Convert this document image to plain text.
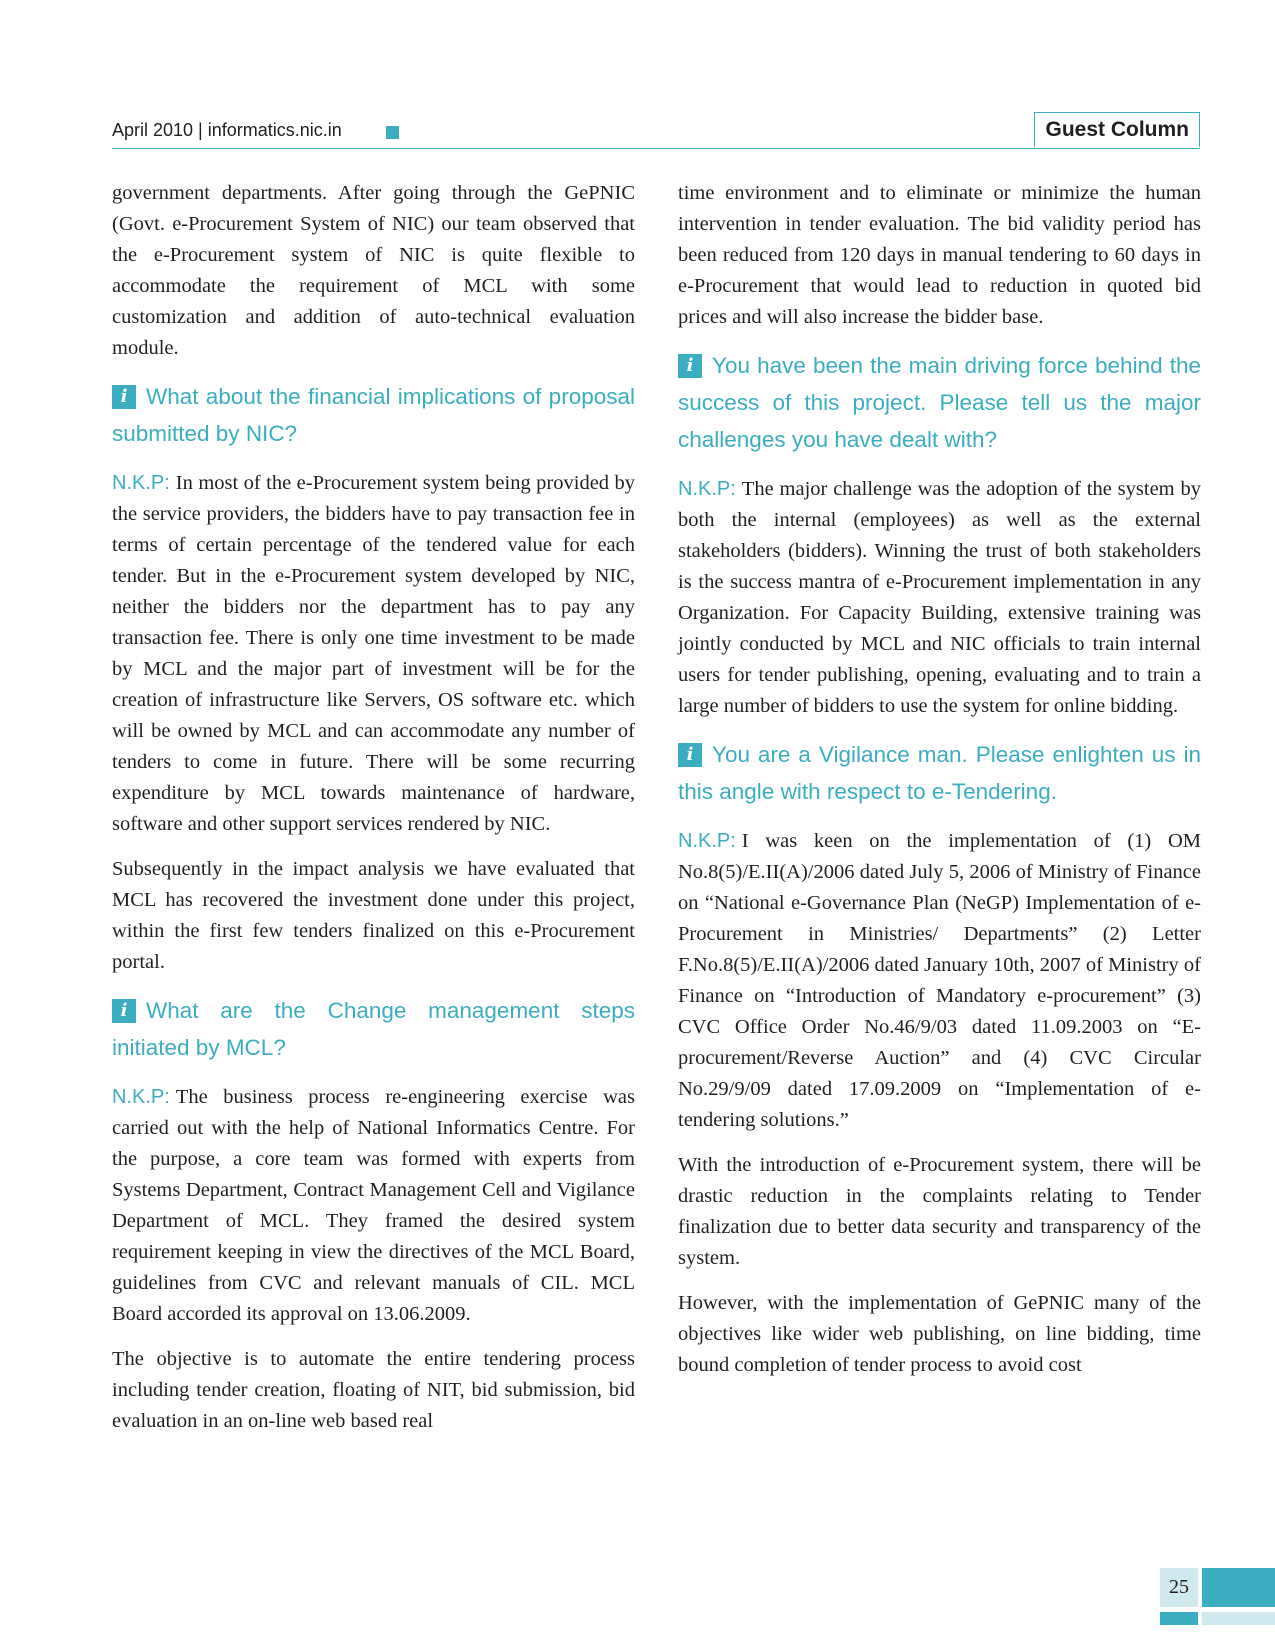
April 2010 | informatics.nic.in	Guest Column

government departments. After going through the GePNIC (Govt. e-Procurement System of NIC) our team observed that the e-Procurement system of NIC is quite flexible to accommodate the requirement of MCL with some customization and addition of auto-technical evaluation module.

i What about the financial implications of proposal submitted by NIC?

N.K.P: In most of the e-Procurement system being provided by the service providers, the bidders have to pay transaction fee in terms of certain percentage of the tendered value for each tender. But in the e-Procurement system developed by NIC, neither the bidders nor the department has to pay any transaction fee. There is only one time investment to be made by MCL and the major part of investment will be for the creation of infrastructure like Servers, OS software etc. which will be owned by MCL and can accommodate any number of tenders to come in future. There will be some recurring expenditure by MCL towards maintenance of hardware, software and other support services rendered by NIC.

Subsequently in the impact analysis we have evaluated that MCL has recovered the investment done under this project, within the first few tenders finalized on this e-Procurement portal.

i What are the Change management steps initiated by MCL?

N.K.P: The business process re-engineering exercise was carried out with the help of National Informatics Centre. For the purpose, a core team was formed with experts from Systems Department, Contract Management Cell and Vigilance Department of MCL. They framed the desired system requirement keeping in view the directives of the MCL Board, guidelines from CVC and relevant manuals of CIL. MCL Board accorded its approval on 13.06.2009.

The objective is to automate the entire tendering process including tender creation, floating of NIT, bid submission, bid evaluation in an on-line web based real

time environment and to eliminate or minimize the human intervention in tender evaluation. The bid validity period has been reduced from 120 days in manual tendering to 60 days in e-Procurement that would lead to reduction in quoted bid prices and will also increase the bidder base.

i You have been the main driving force behind the success of this project. Please tell us the major challenges you have dealt with?

N.K.P: The major challenge was the adoption of the system by both the internal (employees) as well as the external stakeholders (bidders). Winning the trust of both stakeholders is the success mantra of e-Procurement implementation in any Organization. For Capacity Building, extensive training was jointly conducted by MCL and NIC officials to train internal users for tender publishing, opening, evaluating and to train a large number of bidders to use the system for online bidding.

i You are a Vigilance man. Please enlighten us in this angle with respect to e-Tendering.

N.K.P: I was keen on the implementation of (1) OM No.8(5)/E.II(A)/2006 dated July 5, 2006 of Ministry of Finance on “National e-Governance Plan (NeGP) Implementation of e-Procurement in Ministries/ Departments” (2) Letter F.No.8(5)/E.II(A)/2006 dated January 10th, 2007 of Ministry of Finance on “Introduction of Mandatory e-procurement” (3) CVC Office Order No.46/9/03 dated 11.09.2003 on “E-procurement/Reverse Auction” and (4) CVC Circular No.29/9/09 dated 17.09.2009 on “Implementation of e-tendering solutions.”

With the introduction of e-Procurement system, there will be drastic reduction in the complaints relating to Tender finalization due to better data security and transparency of the system.

However, with the implementation of GePNIC many of the objectives like wider web publishing, on line bidding, time bound completion of tender process to avoid cost

25
